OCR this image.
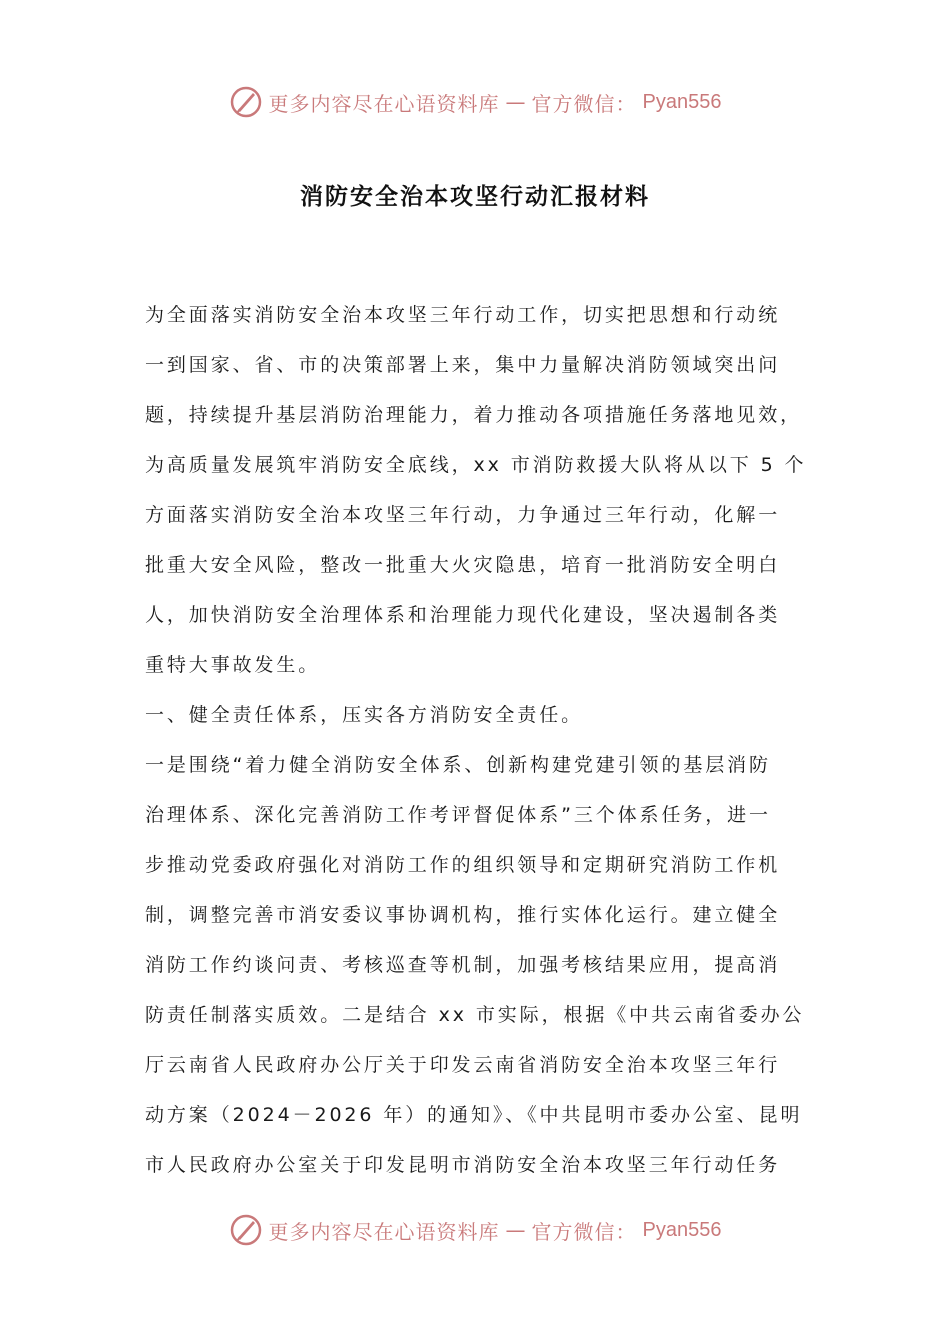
更多内容尽在心语资料库 — 官方微信： Pyan556
消防安全治本攻坚行动汇报材料
为全面落实消防安全治本攻坚三年行动工作，切实把思想和行动统
一到国家、省、市的决策部署上来，集中力量解决消防领域突出问
题，持续提升基层消防治理能力，着力推动各项措施任务落地见效，
为高质量发展筑牢消防安全底线，xx 市消防救援大队将从以下 5 个
方面落实消防安全治本攻坚三年行动，力争通过三年行动，化解一
批重大安全风险，整改一批重大火灾隐患，培育一批消防安全明白
人，加快消防安全治理体系和治理能力现代化建设，坚决遏制各类
重特大事故发生。
一、健全责任体系，压实各方消防安全责任。
一是围绕“着力健全消防安全体系、创新构建党建引领的基层消防
治理体系、深化完善消防工作考评督促体系”三个体系任务，进一
步推动党委政府强化对消防工作的组织领导和定期研究消防工作机
制，调整完善市消安委议事协调机构，推行实体化运行。建立健全
消防工作约谈问责、考核巡查等机制，加强考核结果应用，提高消
防责任制落实质效。二是结合 xx 市实际，根据《中共云南省委办公
厅云南省人民政府办公厅关于印发云南省消防安全治本攻坚三年行
动方案（2024－2026 年）的通知》、《中共昆明市委办公室、昆明
市人民政府办公室关于印发昆明市消防安全治本攻坚三年行动任务
更多内容尽在心语资料库 — 官方微信： Pyan556
